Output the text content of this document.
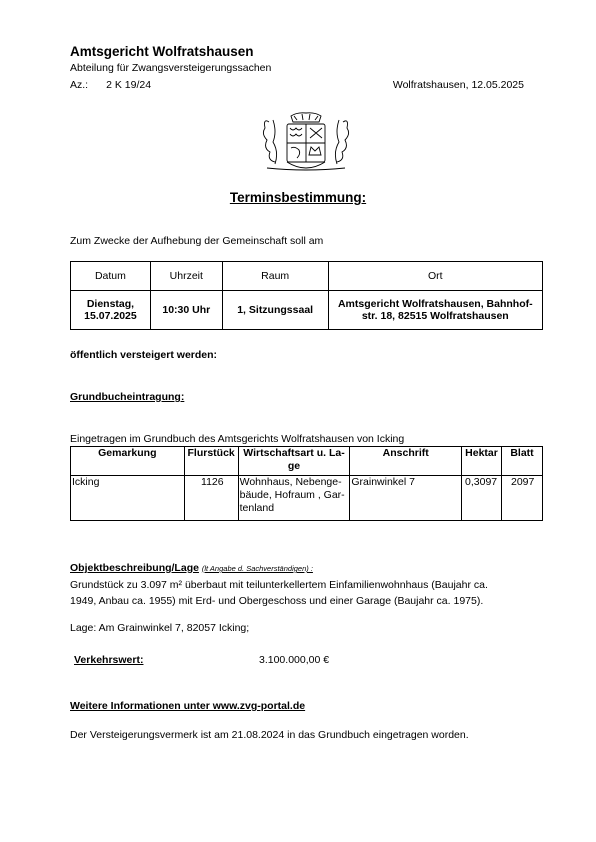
Amtsgericht Wolfratshausen
Abteilung für Zwangsversteigerungssachen
Az.: 2 K 19/24	Wolfratshausen, 12.05.2025
Terminsbestimmung:
Zum Zwecke der Aufhebung der Gemeinschaft soll am
Datum	Uhrzeit	Raum	Ort
Dienstag,
15.07.2025	10:30 Uhr	1, Sitzungssaal	Amtsgericht Wolfratshausen, Bahnhof-
str. 18, 82515 Wolfratshausen
öffentlich versteigert werden:
Grundbucheintragung:
Eingetragen im Grundbuch des Amtsgerichts Wolfratshausen von Icking
Gemarkung	Flurstück	Wirtschaftsart u. La-
ge	Anschrift	Hektar	Blatt
Icking	1126	Wohnhaus, Nebenge-
bäude, Hofraum , Gar-
tenland	Grainwinkel 7	0,3097	2097
Objektbeschreibung/Lage (lt Angabe d. Sachverständigen) :
Grundstück zu 3.097 m² überbaut mit teilunterkellertem Einfamilienwohnhaus (Baujahr ca.
1949, Anbau ca. 1955) mit Erd- und Obergeschoss und einer Garage (Baujahr ca. 1975).
Lage: Am Grainwinkel 7, 82057 Icking;
Verkehrswert:	3.100.000,00 €
Weitere Informationen unter www.zvg-portal.de
Der Versteigerungsvermerk ist am 21.08.2024 in das Grundbuch eingetragen worden.
